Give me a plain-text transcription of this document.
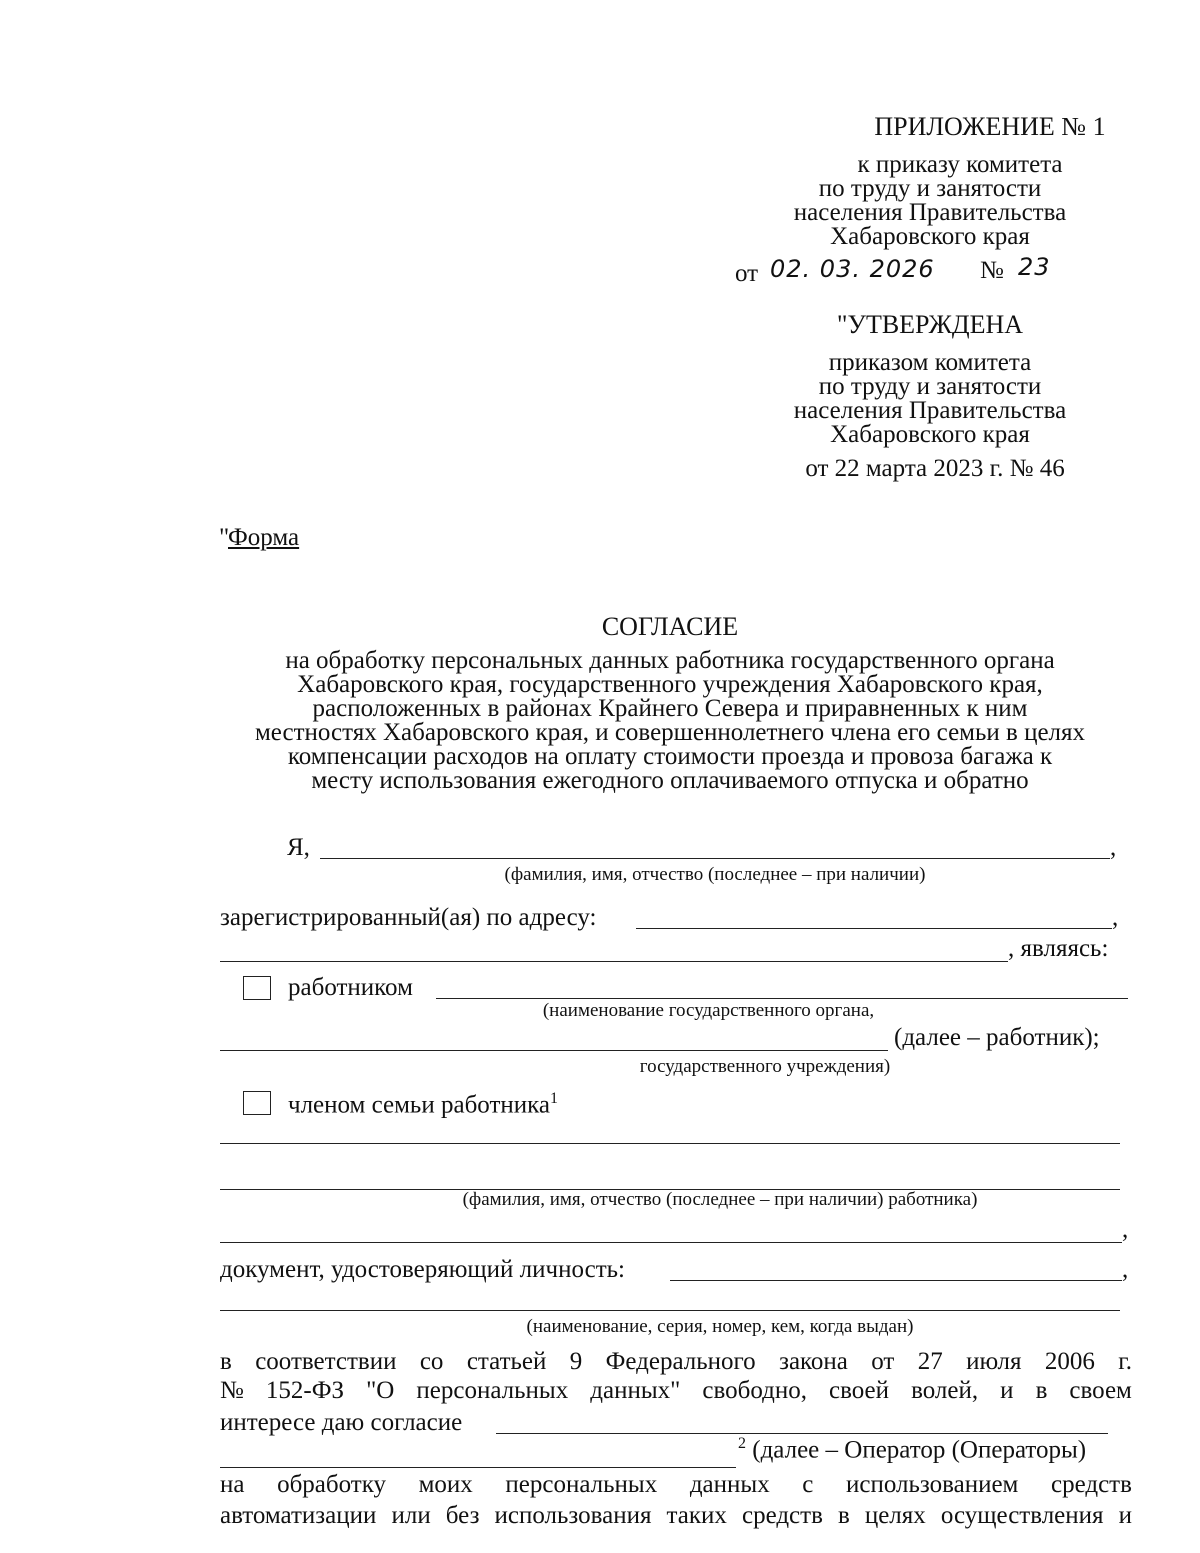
ПРИЛОЖЕНИЕ № 1
к приказу комитета
по труду и занятости
населения Правительства
Хабаровского края
от 02. 03. 2026 № 23
"УТВЕРЖДЕНА
приказом комитета
по труду и занятости
населения Правительства
Хабаровского края
от 22 марта 2023 г. № 46
"
Форма
СОГЛАСИЕ
на обработку персональных данных работника государственного органа
Хабаровского края, государственного учреждения Хабаровского края,
расположенных в районах Крайнего Севера и приравненных к ним
местностях Хабаровского края, и совершеннолетнего члена его семьи в целях
компенсации расходов на оплату стоимости проезда и провоза багажа к
месту использования ежегодного оплачиваемого отпуска и обратно
Я,	,
(фамилия, имя, отчество (последнее – при наличии)
зарегистрированный(ая) по адресу:	,
, являясь:
работником
(наименование государственного органа,
(далее – работник);
государственного учреждения)
членом семьи работника$^1$
(фамилия, имя, отчество (последнее – при наличии) работника)
,
документ, удостоверяющий личность:	,
(наименование, серия, номер, кем, когда выдан)
в соответствии со статьей 9 Федерального закона от 27 июля 2006 г.
№ 152-ФЗ "О персональных данных" свободно, своей волей, и в своем
интересе даю согласие
$^2$ (далее – Оператор (Операторы)
на обработку моих персональных данных с использованием средств
автоматизации или без использования таких средств в целях осуществления и
